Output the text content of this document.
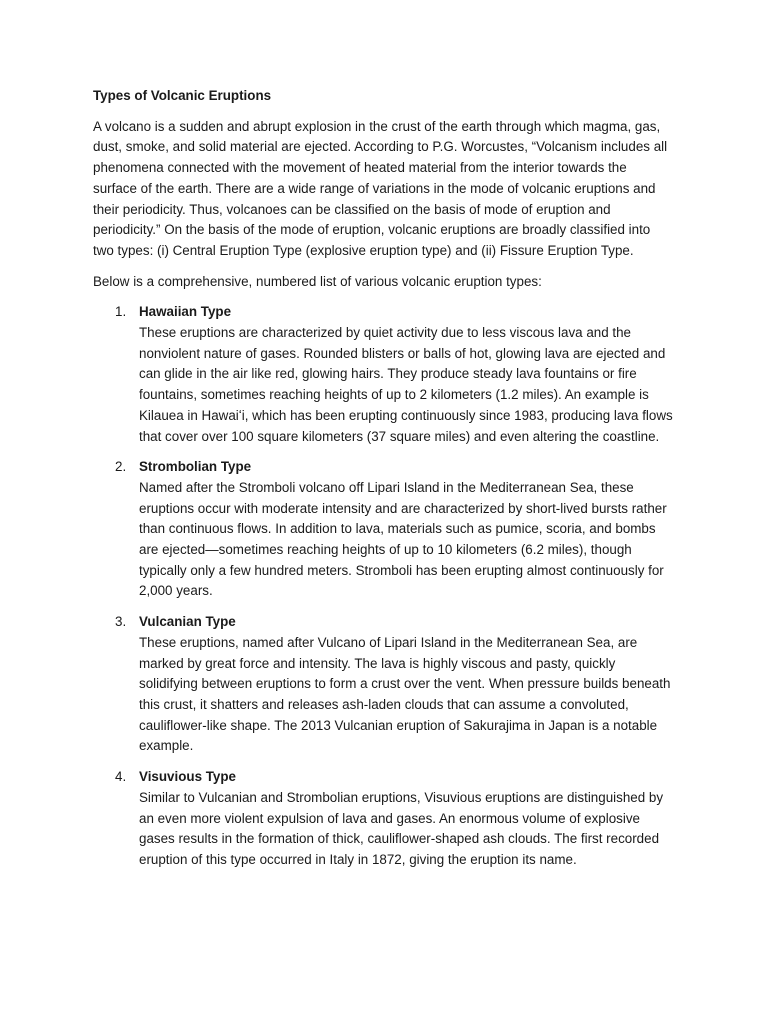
Types of Volcanic Eruptions
A volcano is a sudden and abrupt explosion in the crust of the earth through which magma, gas, dust, smoke, and solid material are ejected. According to P.G. Worcustes, “Volcanism includes all phenomena connected with the movement of heated material from the interior towards the surface of the earth. There are a wide range of variations in the mode of volcanic eruptions and their periodicity. Thus, volcanoes can be classified on the basis of mode of eruption and periodicity.” On the basis of the mode of eruption, volcanic eruptions are broadly classified into two types: (i) Central Eruption Type (explosive eruption type) and (ii) Fissure Eruption Type.
Below is a comprehensive, numbered list of various volcanic eruption types:
1. Hawaiian Type
These eruptions are characterized by quiet activity due to less viscous lava and the nonviolent nature of gases. Rounded blisters or balls of hot, glowing lava are ejected and can glide in the air like red, glowing hairs. They produce steady lava fountains or fire fountains, sometimes reaching heights of up to 2 kilometers (1.2 miles). An example is Kilauea in Hawaiʻi, which has been erupting continuously since 1983, producing lava flows that cover over 100 square kilometers (37 square miles) and even altering the coastline.
2. Strombolian Type
Named after the Stromboli volcano off Lipari Island in the Mediterranean Sea, these eruptions occur with moderate intensity and are characterized by short-lived bursts rather than continuous flows. In addition to lava, materials such as pumice, scoria, and bombs are ejected—sometimes reaching heights of up to 10 kilometers (6.2 miles), though typically only a few hundred meters. Stromboli has been erupting almost continuously for 2,000 years.
3. Vulcanian Type
These eruptions, named after Vulcano of Lipari Island in the Mediterranean Sea, are marked by great force and intensity. The lava is highly viscous and pasty, quickly solidifying between eruptions to form a crust over the vent. When pressure builds beneath this crust, it shatters and releases ash-laden clouds that can assume a convoluted, cauliflower-like shape. The 2013 Vulcanian eruption of Sakurajima in Japan is a notable example.
4. Visuvious Type
Similar to Vulcanian and Strombolian eruptions, Visuvious eruptions are distinguished by an even more violent expulsion of lava and gases. An enormous volume of explosive gases results in the formation of thick, cauliflower-shaped ash clouds. The first recorded eruption of this type occurred in Italy in 1872, giving the eruption its name.
